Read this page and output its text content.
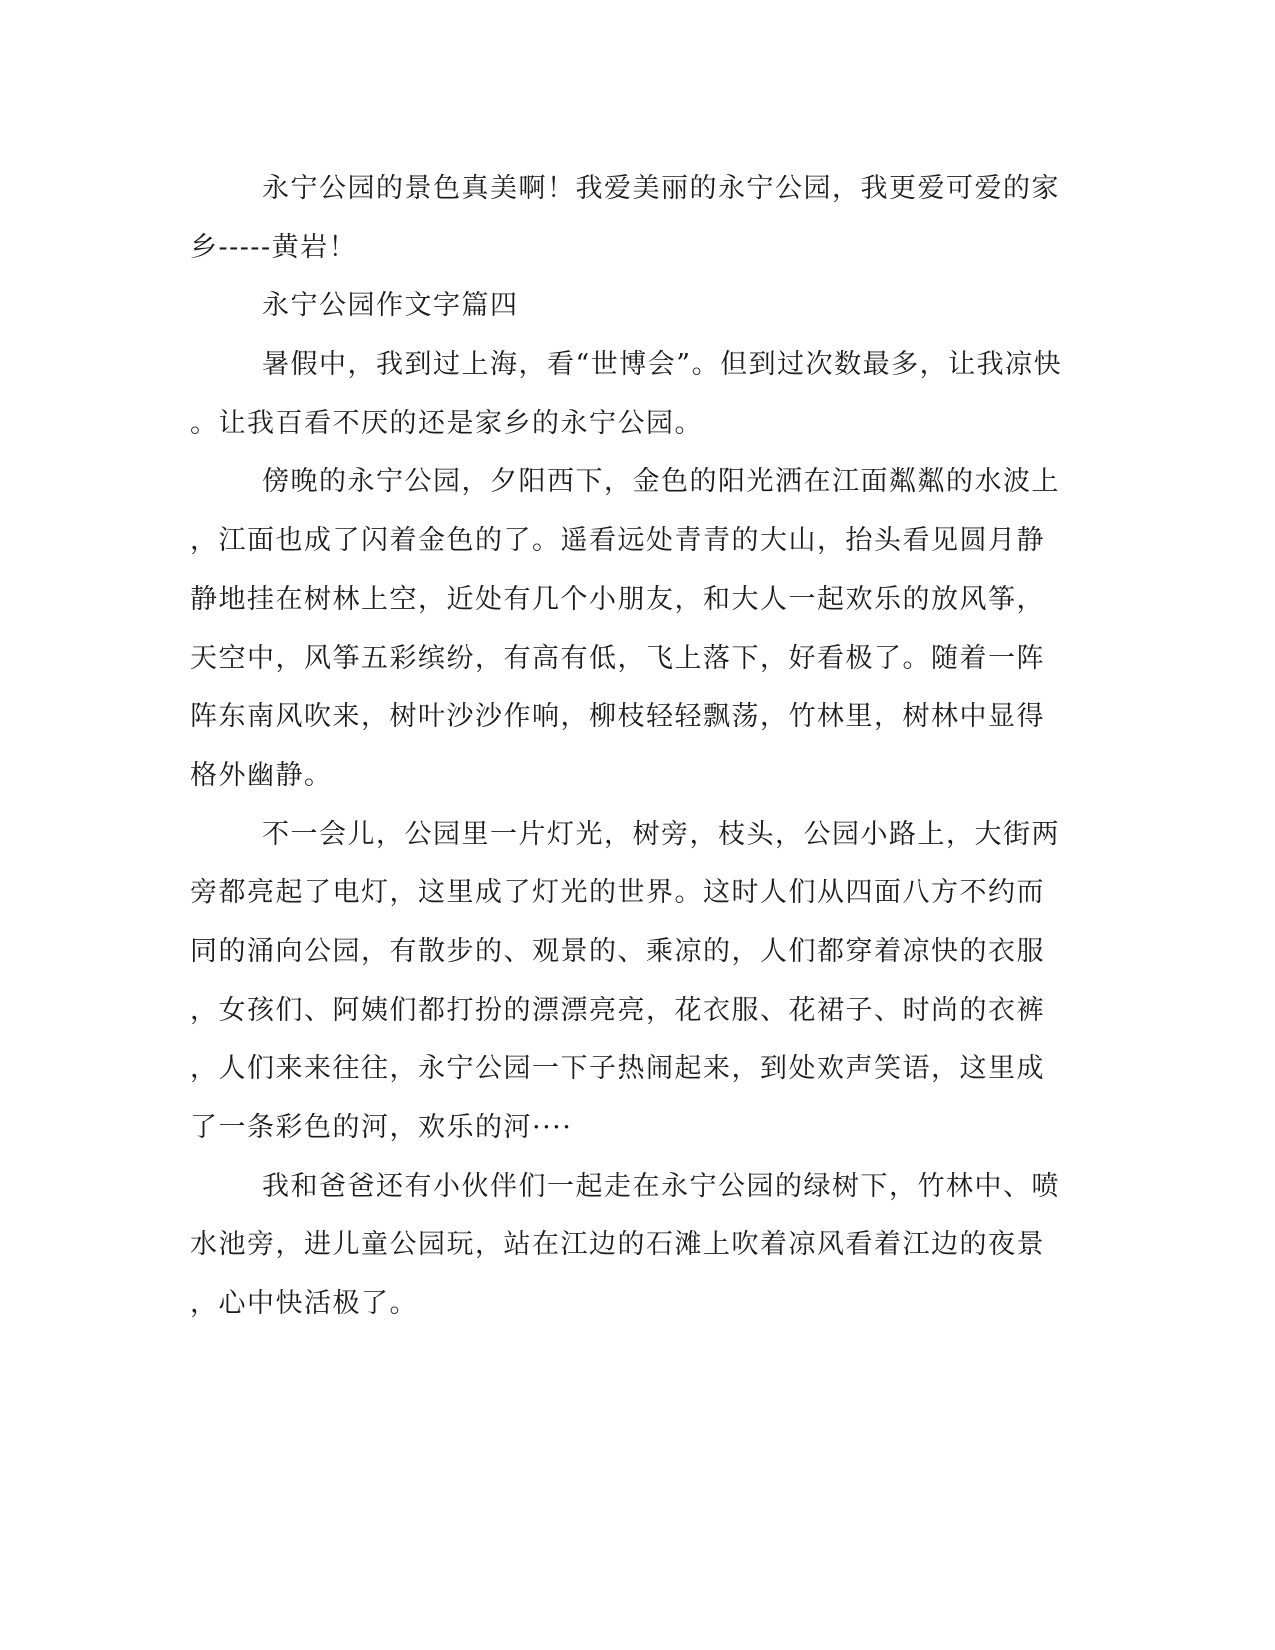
永宁公园的景色真美啊！我爱美丽的永宁公园，我更爱可爱的家
乡-----黄岩！
永宁公园作文字篇四
暑假中，我到过上海，看“世博会”。但到过次数最多，让我凉快
。让我百看不厌的还是家乡的永宁公园。
傍晚的永宁公园，夕阳西下，金色的阳光洒在江面粼粼的水波上
，江面也成了闪着金色的了。遥看远处青青的大山，抬头看见圆月静
静地挂在树林上空，近处有几个小朋友，和大人一起欢乐的放风筝，
天空中，风筝五彩缤纷，有高有低，飞上落下，好看极了。随着一阵
阵东南风吹来，树叶沙沙作响，柳枝轻轻飘荡，竹林里，树林中显得
格外幽静。
不一会儿，公园里一片灯光，树旁，枝头，公园小路上，大街两
旁都亮起了电灯，这里成了灯光的世界。这时人们从四面八方不约而
同的涌向公园，有散步的、观景的、乘凉的，人们都穿着凉快的衣服
，女孩们、阿姨们都打扮的漂漂亮亮，花衣服、花裙子、时尚的衣裤
，人们来来往往，永宁公园一下子热闹起来，到处欢声笑语，这里成
了一条彩色的河，欢乐的河····
我和爸爸还有小伙伴们一起走在永宁公园的绿树下，竹林中、喷
水池旁，进儿童公园玩，站在江边的石滩上吹着凉风看着江边的夜景
，心中快活极了。
